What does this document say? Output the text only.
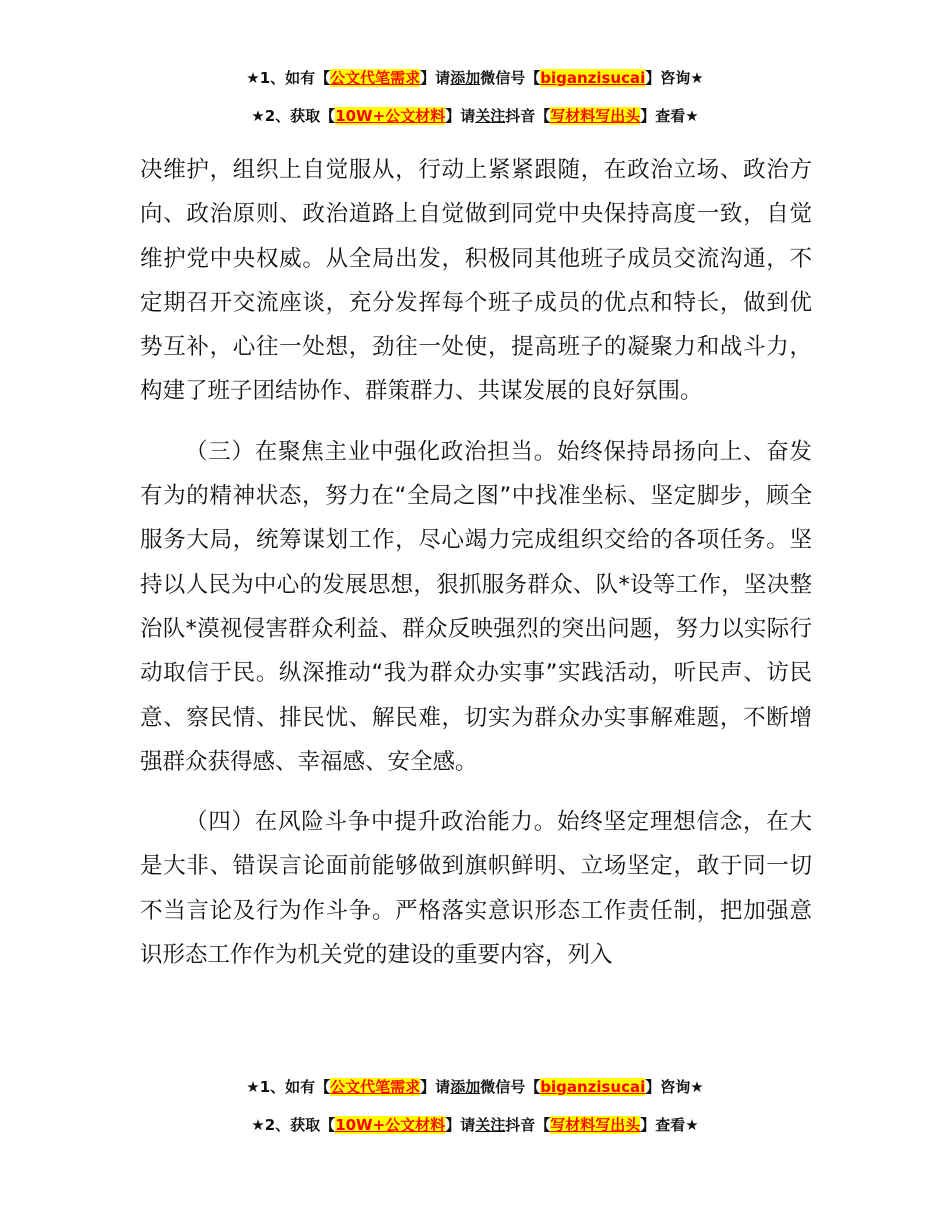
★1、如有【公文代笔需求】请添加微信号【biganzisucai】咨询★
★2、获取【10W+公文材料】请关注抖音【写材料写出头】查看★

决维护，组织上自觉服从，行动上紧紧跟随，在政治立场、政治方向、政治原则、政治道路上自觉做到同党中央保持高度一致，自觉维护党中央权威。从全局出发，积极同其他班子成员交流沟通，不定期召开交流座谈，充分发挥每个班子成员的优点和特长，做到优势互补，心往一处想，劲往一处使，提高班子的凝聚力和战斗力，构建了班子团结协作、群策群力、共谋发展的良好氛围。

（三）在聚焦主业中强化政治担当。始终保持昂扬向上、奋发有为的精神状态，努力在“全局之图”中找准坐标、坚定脚步，顾全服务大局，统筹谋划工作，尽心竭力完成组织交给的各项任务。坚持以人民为中心的发展思想，狠抓服务群众、队*设等工作，坚决整治队*漠视侵害群众利益、群众反映强烈的突出问题，努力以实际行动取信于民。纵深推动“我为群众办实事”实践活动，听民声、访民意、察民情、排民忧、解民难，切实为群众办实事解难题，不断增强群众获得感、幸福感、安全感。

（四）在风险斗争中提升政治能力。始终坚定理想信念，在大是大非、错误言论面前能够做到旗帜鲜明、立场坚定，敢于同一切不当言论及行为作斗争。严格落实意识形态工作责任制，把加强意识形态工作作为机关党的建设的重要内容，列入

★1、如有【公文代笔需求】请添加微信号【biganzisucai】咨询★
★2、获取【10W+公文材料】请关注抖音【写材料写出头】查看★
